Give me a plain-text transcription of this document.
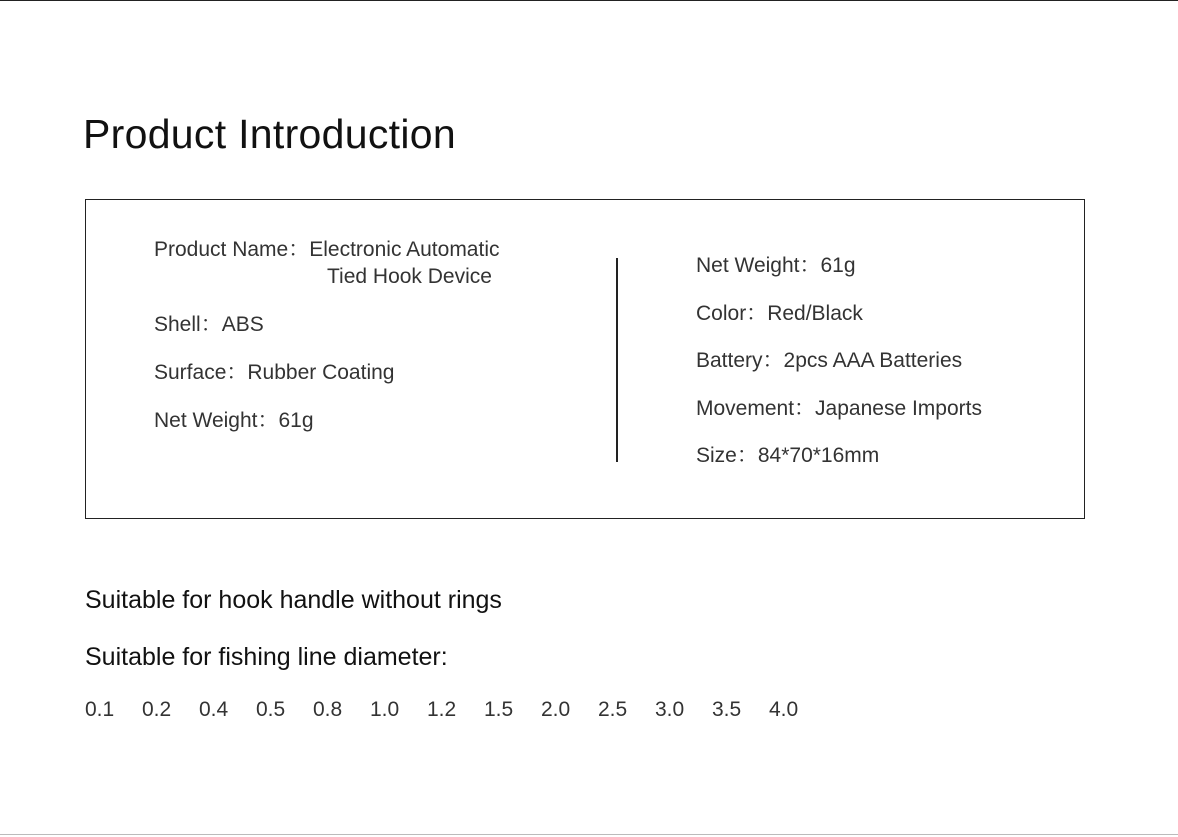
Product Introduction
Product Name：Electronic Automatic
Tied Hook Device
Shell：ABS
Surface：Rubber Coating
Net Weight：61g
Net Weight：61g
Color：Red/Black
Battery：2pcs AAA Batteries
Movement：Japanese Imports
Size：84*70*16mm

Suitable for hook handle without rings

Suitable for fishing line diameter:

0.1	0.2	0.4	0.5	0.8	1.0	1.2	1.5	2.0	2.5	3.0	3.5	4.0
